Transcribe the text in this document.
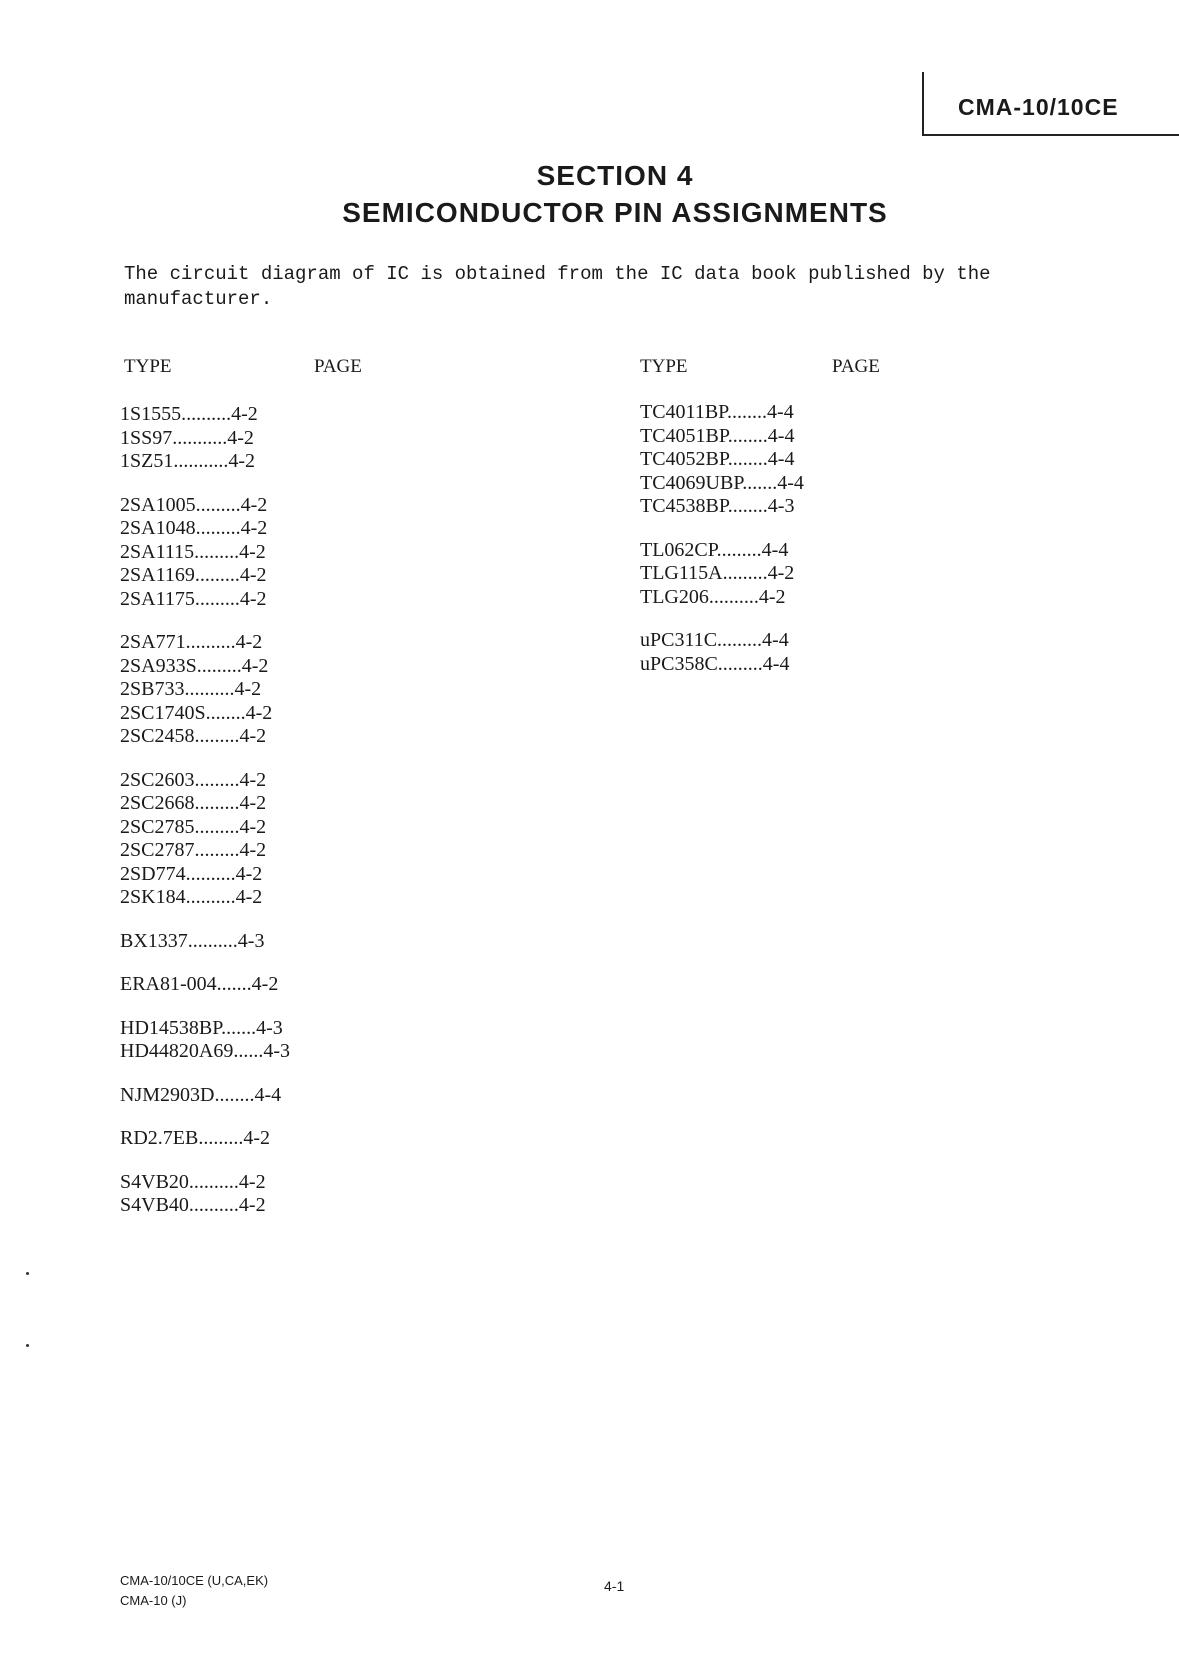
CMA-10/10CE
SECTION 4
SEMICONDUCTOR PIN ASSIGNMENTS
The circuit diagram of IC is obtained from the IC data book published by the manufacturer.
TYPE	PAGE	TYPE	PAGE
1S1555..........4-2
1SS97...........4-2
1SZ51...........4-2
2SA1005.........4-2
2SA1048.........4-2
2SA1115.........4-2
2SA1169.........4-2
2SA1175.........4-2
2SA771..........4-2
2SA933S.........4-2
2SB733..........4-2
2SC1740S........4-2
2SC2458.........4-2
2SC2603.........4-2
2SC2668.........4-2
2SC2785.........4-2
2SC2787.........4-2
2SD774..........4-2
2SK184..........4-2
BX1337..........4-3
ERA81-004.......4-2
HD14538BP.......4-3
HD44820A69......4-3
NJM2903D........4-4
RD2.7EB.........4-2
S4VB20..........4-2
S4VB40..........4-2
TC4011BP........4-4
TC4051BP........4-4
TC4052BP........4-4
TC4069UBP.......4-4
TC4538BP........4-3
TL062CP.........4-4
TLG115A.........4-2
TLG206..........4-2
uPC311C.........4-4
uPC358C.........4-4
CMA-10/10CE (U,CA,EK)
CMA-10 (J)
4-1
